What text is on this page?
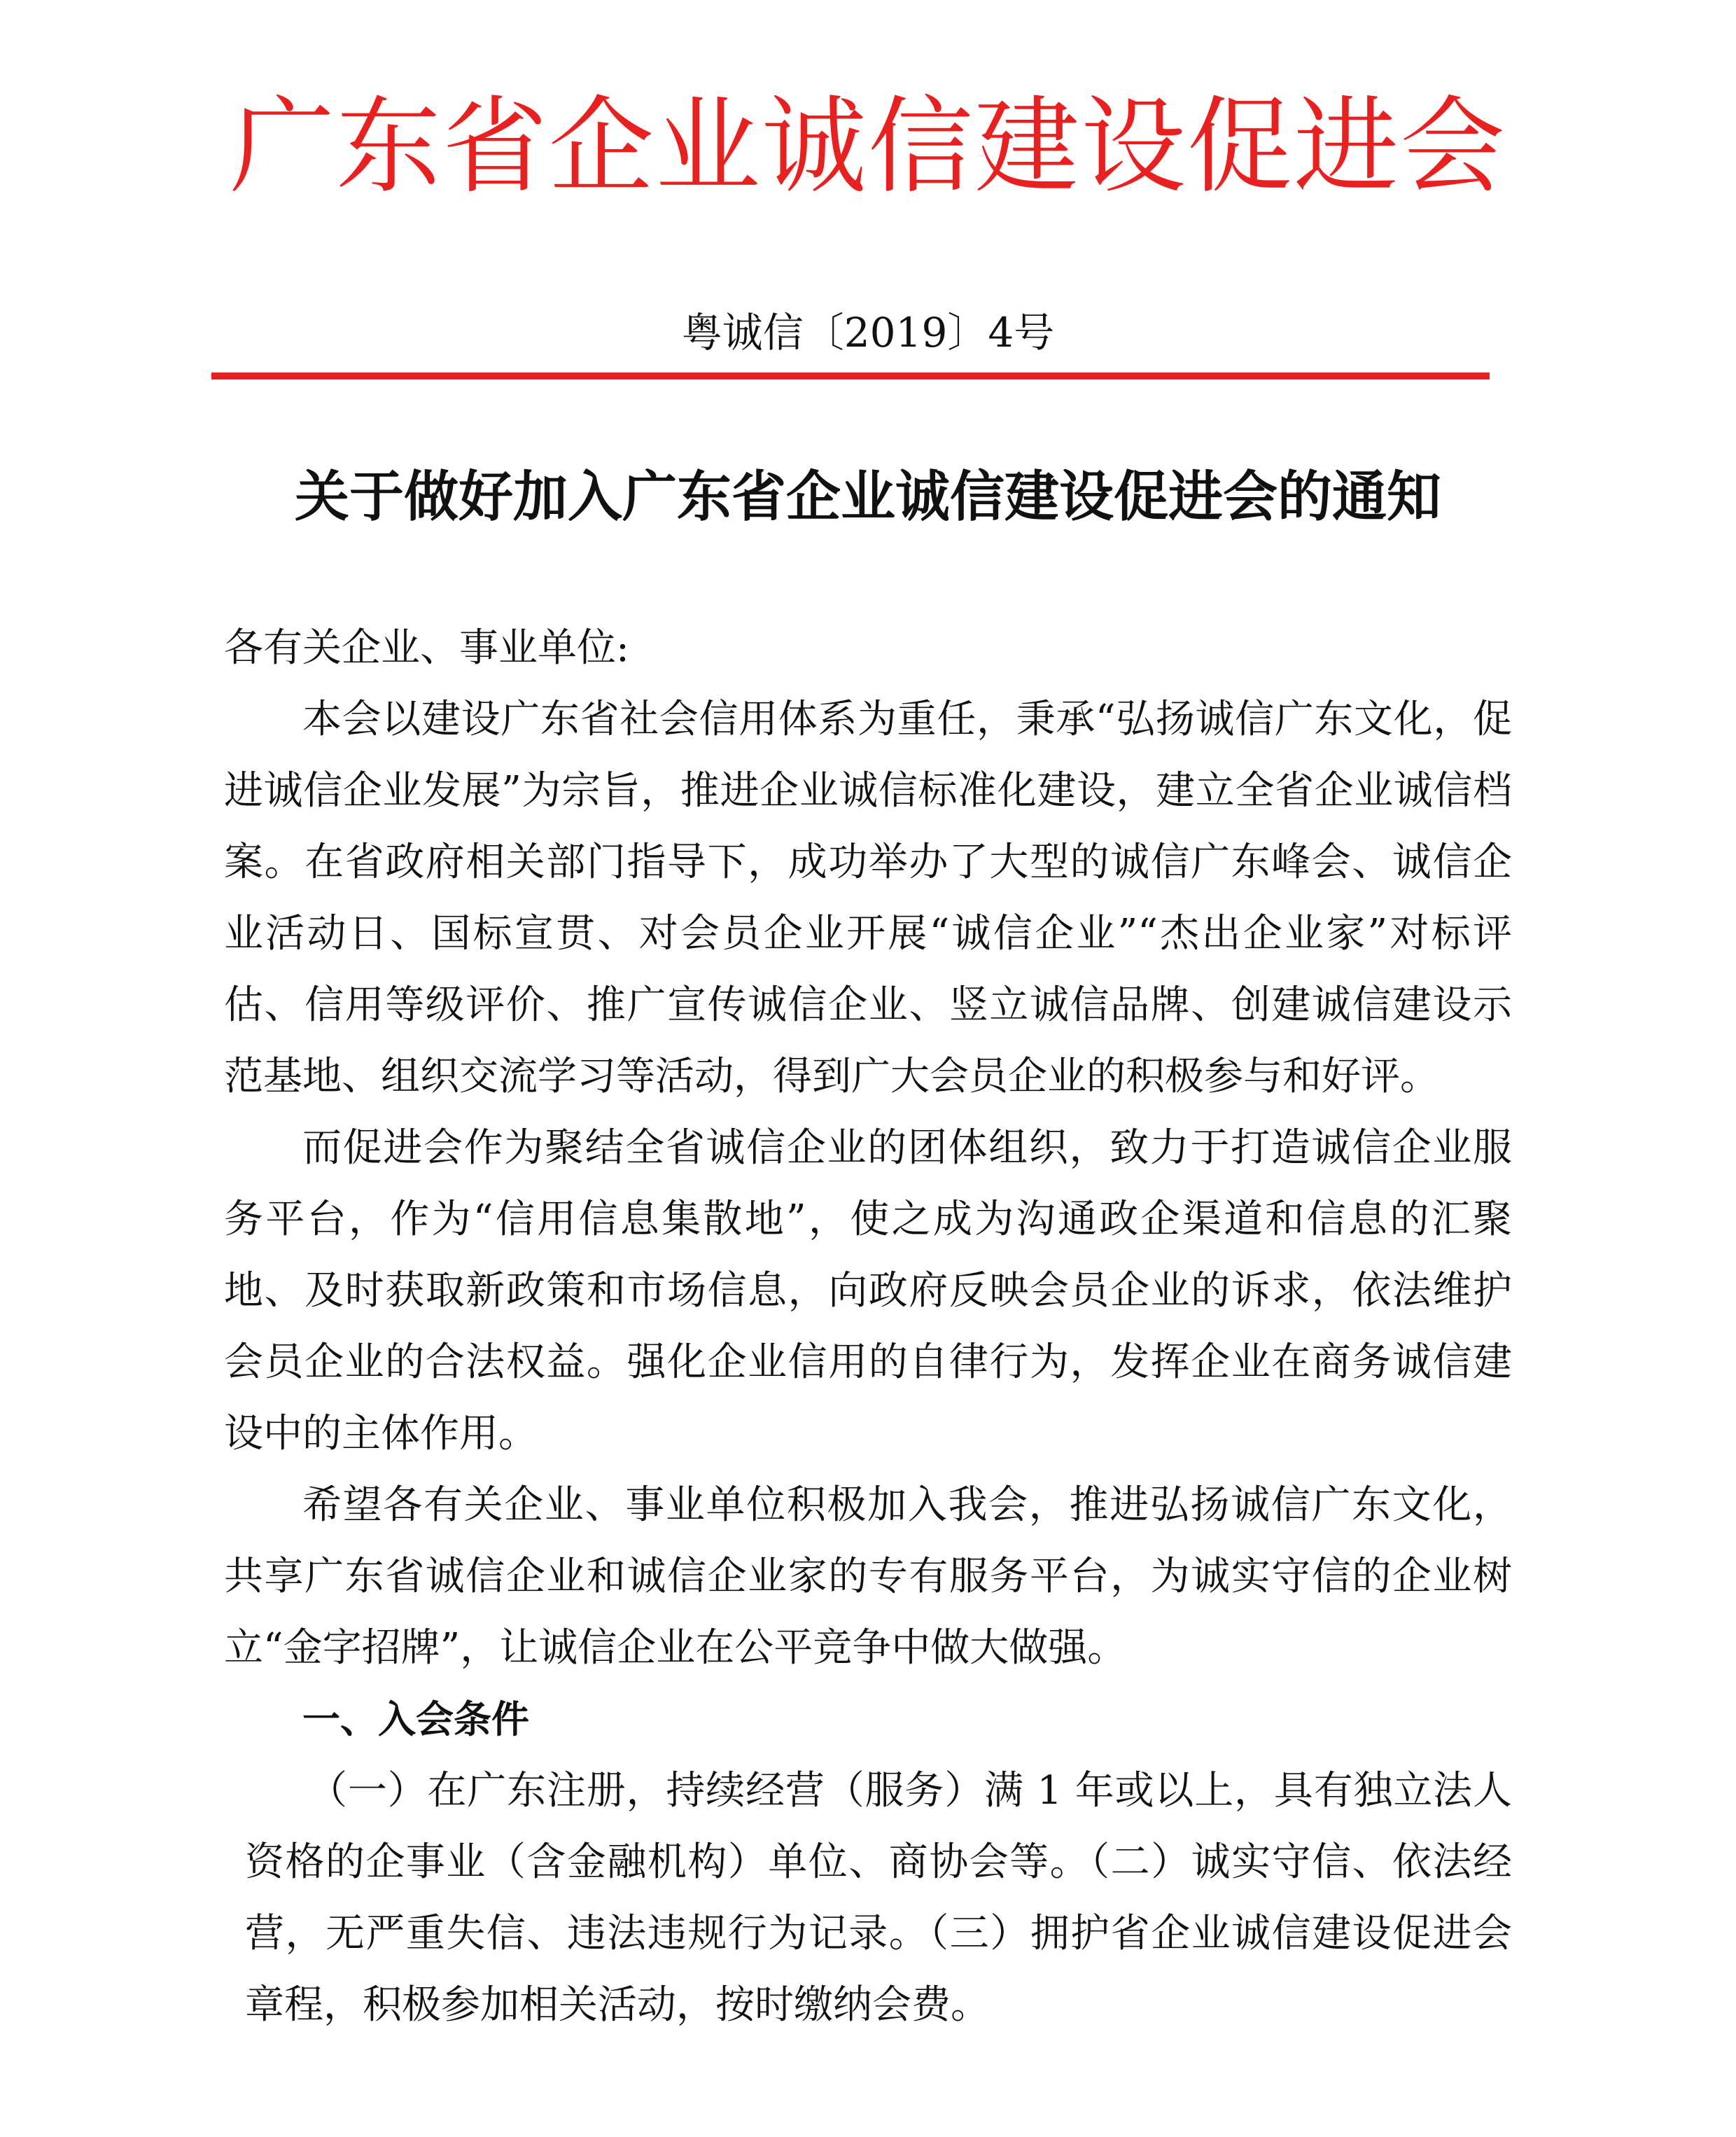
广东省企业诚信建设促进会
粤诚信〔2019〕4号
关于做好加入广东省企业诚信建设促进会的通知

各有关企业、事业单位:

本会以建设广东省社会信用体系为重任，秉承“弘扬诚信广东文化，促进诚信企业发展”为宗旨，推进企业诚信标准化建设，建立全省企业诚信档案。在省政府相关部门指导下，成功举办了大型的诚信广东峰会、诚信企业活动日、国标宣贯、对会员企业开展“诚信企业”“杰出企业家”对标评估、信用等级评价、推广宣传诚信企业、竖立诚信品牌、创建诚信建设示范基地、组织交流学习等活动，得到广大会员企业的积极参与和好评。

而促进会作为聚结全省诚信企业的团体组织，致力于打造诚信企业服务平台，作为“信用信息集散地”，使之成为沟通政企渠道和信息的汇聚地、及时获取新政策和市场信息，向政府反映会员企业的诉求，依法维护会员企业的合法权益。强化企业信用的自律行为，发挥企业在商务诚信建设中的主体作用。

希望各有关企业、事业单位积极加入我会，推进弘扬诚信广东文化，共享广东省诚信企业和诚信企业家的专有服务平台，为诚实守信的企业树立“金字招牌”，让诚信企业在公平竞争中做大做强。

一、入会条件

（一）在广东注册，持续经营（服务）满 1 年或以上，具有独立法人资格的企事业（含金融机构）单位、商协会等。（二）诚实守信、依法经营，无严重失信、违法违规行为记录。（三）拥护省企业诚信建设促进会章程，积极参加相关活动，按时缴纳会费。
